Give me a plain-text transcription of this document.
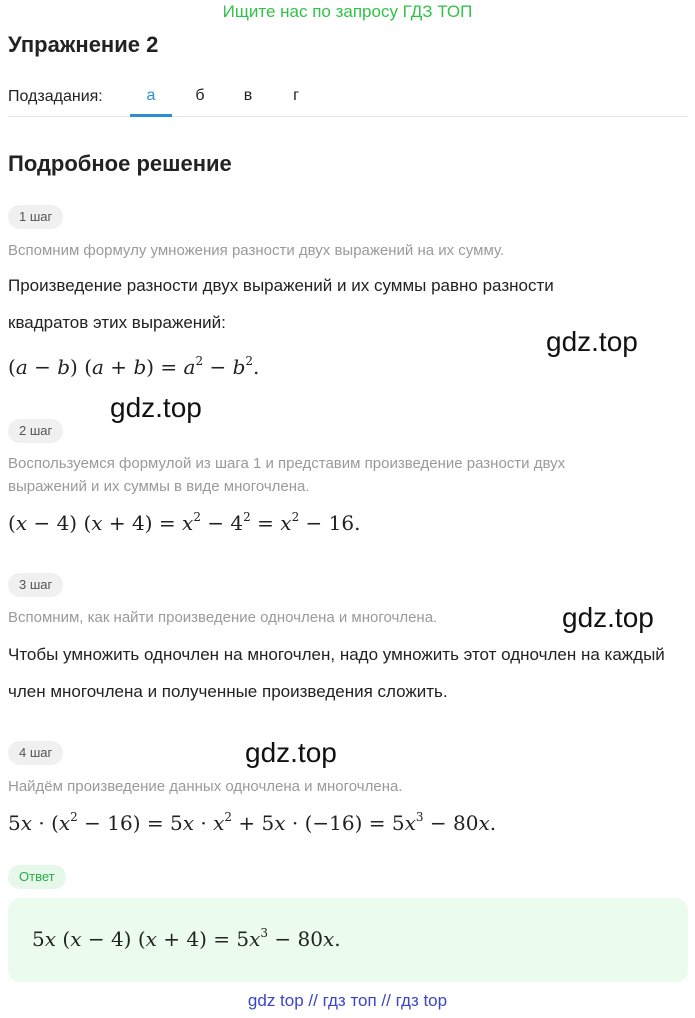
Ищите нас по запросу ГДЗ ТОП
Упражнение 2
Подзадания:	а	б	в	г
Подробное решение
1 шаг
Вспомним формулу умножения разности двух выражений на их сумму.
Произведение разности двух выражений и их суммы равно разности квадратов этих выражений:
(a − b) $(a + b) = a^2 - b^2$.
2 шаг
Воспользуемся формулой из шага 1 и представим произведение разности двух выражений и их суммы в виде многочлена.
(x − 4) $(x + 4) = x^2 - 4^2 = x^2 - 16$.
3 шаг
Вспомним, как найти произведение одночлена и многочлена.
Чтобы умножить одночлен на многочлен, надо умножить этот одночлен на каждый член многочлена и полученные произведения сложить.
4 шаг
Найдём произведение данных одночлена и многочлена.
$5x \cdot (x^2 - 16) = 5x \cdot x^2 + 5x \cdot (-16) = 5x^3 - 80x$.
Ответ
5x (x − 4) $(x + 4) = 5x^3 - 80x$.
gdz.top
gdz.top
gdz.top
gdz.top
gdz top // гдз топ // гдз top
